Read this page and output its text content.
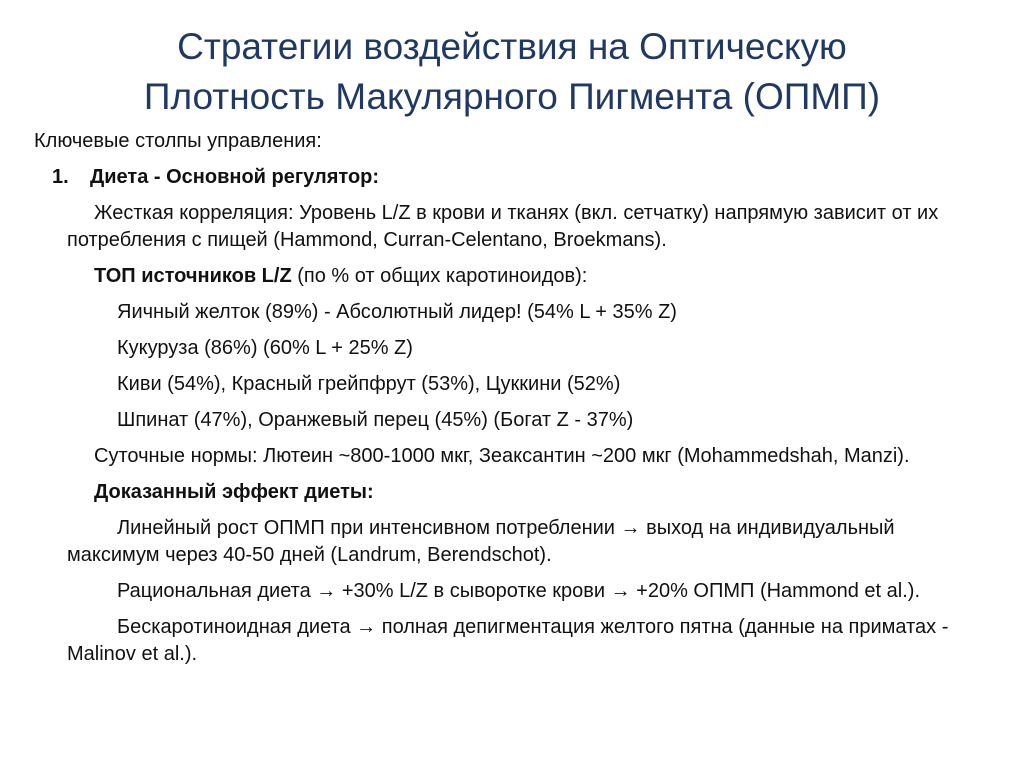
Стратегии воздействия на Оптическую
Плотность Макулярного Пигмента (ОПМП)
Ключевые столпы управления:
1. Диета - Основной регулятор:
Жесткая корреляция: Уровень L/Z в крови и тканях (вкл. сетчатку) напрямую зависит от их потребления с пищей (Hammond, Curran-Celentano, Broekmans).
ТОП источников L/Z (по % от общих каротиноидов):
Яичный желток (89%) - Абсолютный лидер! (54% L + 35% Z)
Кукуруза (86%) (60% L + 25% Z)
Киви (54%), Красный грейпфрут (53%), Цуккини (52%)
Шпинат (47%), Оранжевый перец (45%) (Богат Z - 37%)
Суточные нормы: Лютеин ~800-1000 мкг, Зеаксантин ~200 мкг (Mohammedshah, Manzi).
Доказанный эффект диеты:
Линейный рост ОПМП при интенсивном потреблении → выход на индивидуальный максимум через 40-50 дней (Landrum, Berendschot).
Рациональная диета → +30% L/Z в сыворотке крови → +20% ОПМП (Hammond et al.).
Бескаротиноидная диета → полная депигментация желтого пятна (данные на приматах - Malinov et al.).
